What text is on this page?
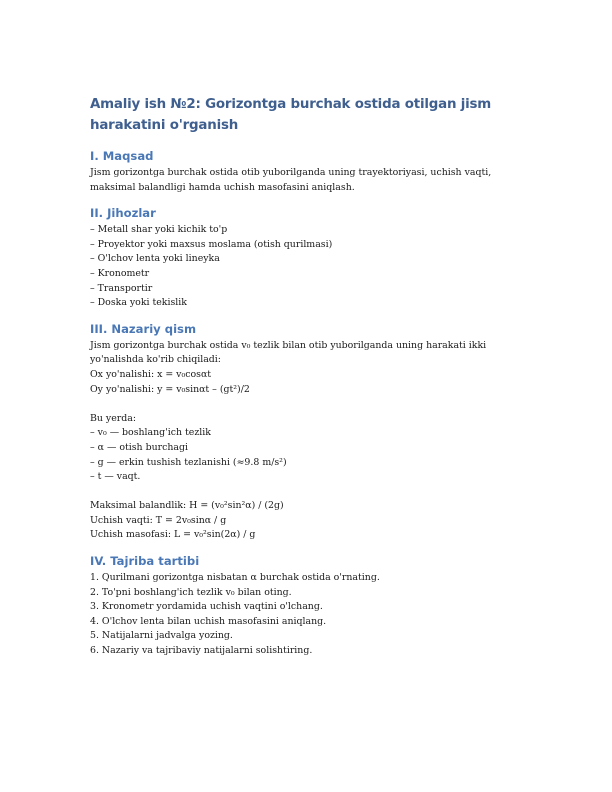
Amaliy ish №2: Gorizontga burchak ostida otilgan jism harakatini o'rganish
I. Maqsad

Jism gorizontga burchak ostida otib yuborilganda uning trayektoriyasi, uchish vaqti, maksimal balandligi hamda uchish masofasini aniqlash.

II. Jihozlar

– Metall shar yoki kichik to'p

– Proyektor yoki maxsus moslama (otish qurilmasi)

– O'lchov lenta yoki lineyka

– Kronometr

– Transportir

– Doska yoki tekislik

III. Nazariy qism

Jism gorizontga burchak ostida v₀ tezlik bilan otib yuborilganda uning harakati ikki yo'nalishda ko'rib chiqiladi:

Ox yo'nalishi: x = v₀cosαt

Oy yo'nalishi: y = v₀sinαt – (gt²)/2

Bu yerda:

– v₀ — boshlang'ich tezlik

– α — otish burchagi

– g — erkin tushish tezlanishi (≈9.8 m/s²)

– t — vaqt.

Maksimal balandlik: H = (v₀²sin²α) / (2g)

Uchish vaqti: T = 2v₀sinα / g

Uchish masofasi: L = v₀²sin(2α) / g

IV. Tajriba tartibi

1. Qurilmani gorizontga nisbatan α burchak ostida o'rnating.

2. To'pni boshlang'ich tezlik v₀ bilan oting.

3. Kronometr yordamida uchish vaqtini o'lchang.

4. O'lchov lenta bilan uchish masofasini aniqlang.

5. Natijalarni jadvalga yozing.

6. Nazariy va tajribaviy natijalarni solishtiring.
